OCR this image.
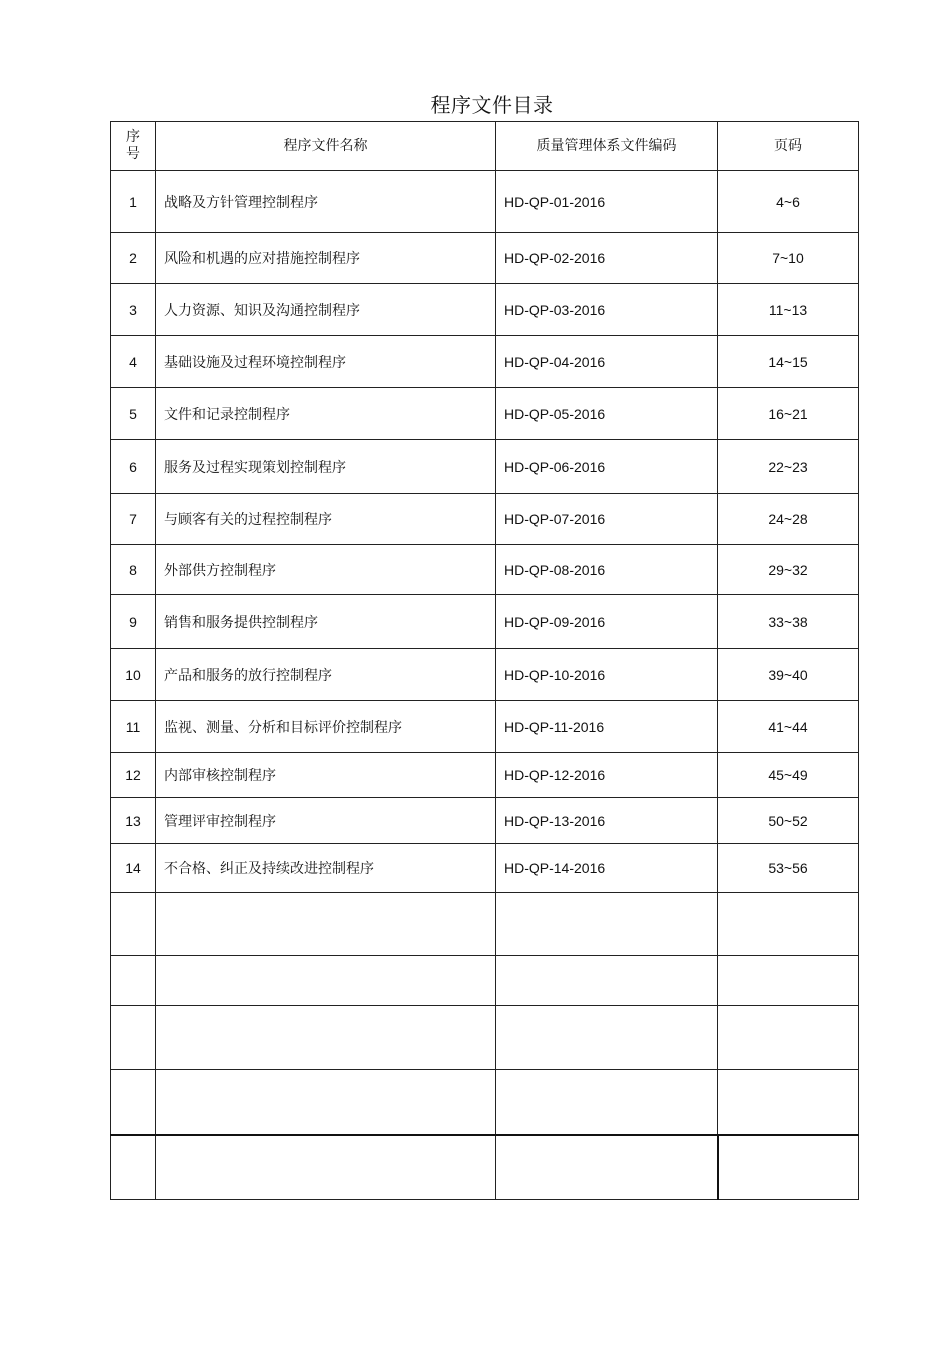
程序文件目录
序号	程序文件名称	质量管理体系文件编码	页码
1	战略及方针管理控制程序	HD-QP-01-2016	4~6
2	风险和机遇的应对措施控制程序	HD-QP-02-2016	7~10
3	人力资源、知识及沟通控制程序	HD-QP-03-2016	11~13
4	基础设施及过程环境控制程序	HD-QP-04-2016	14~15
5	文件和记录控制程序	HD-QP-05-2016	16~21
6	服务及过程实现策划控制程序	HD-QP-06-2016	22~23
7	与顾客有关的过程控制程序	HD-QP-07-2016	24~28
8	外部供方控制程序	HD-QP-08-2016	29~32
9	销售和服务提供控制程序	HD-QP-09-2016	33~38
10	产品和服务的放行控制程序	HD-QP-10-2016	39~40
11	监视、测量、分析和目标评价控制程序	HD-QP-11-2016	41~44
12	内部审核控制程序	HD-QP-12-2016	45~49
13	管理评审控制程序	HD-QP-13-2016	50~52
14	不合格、纠正及持续改进控制程序	HD-QP-14-2016	53~56
